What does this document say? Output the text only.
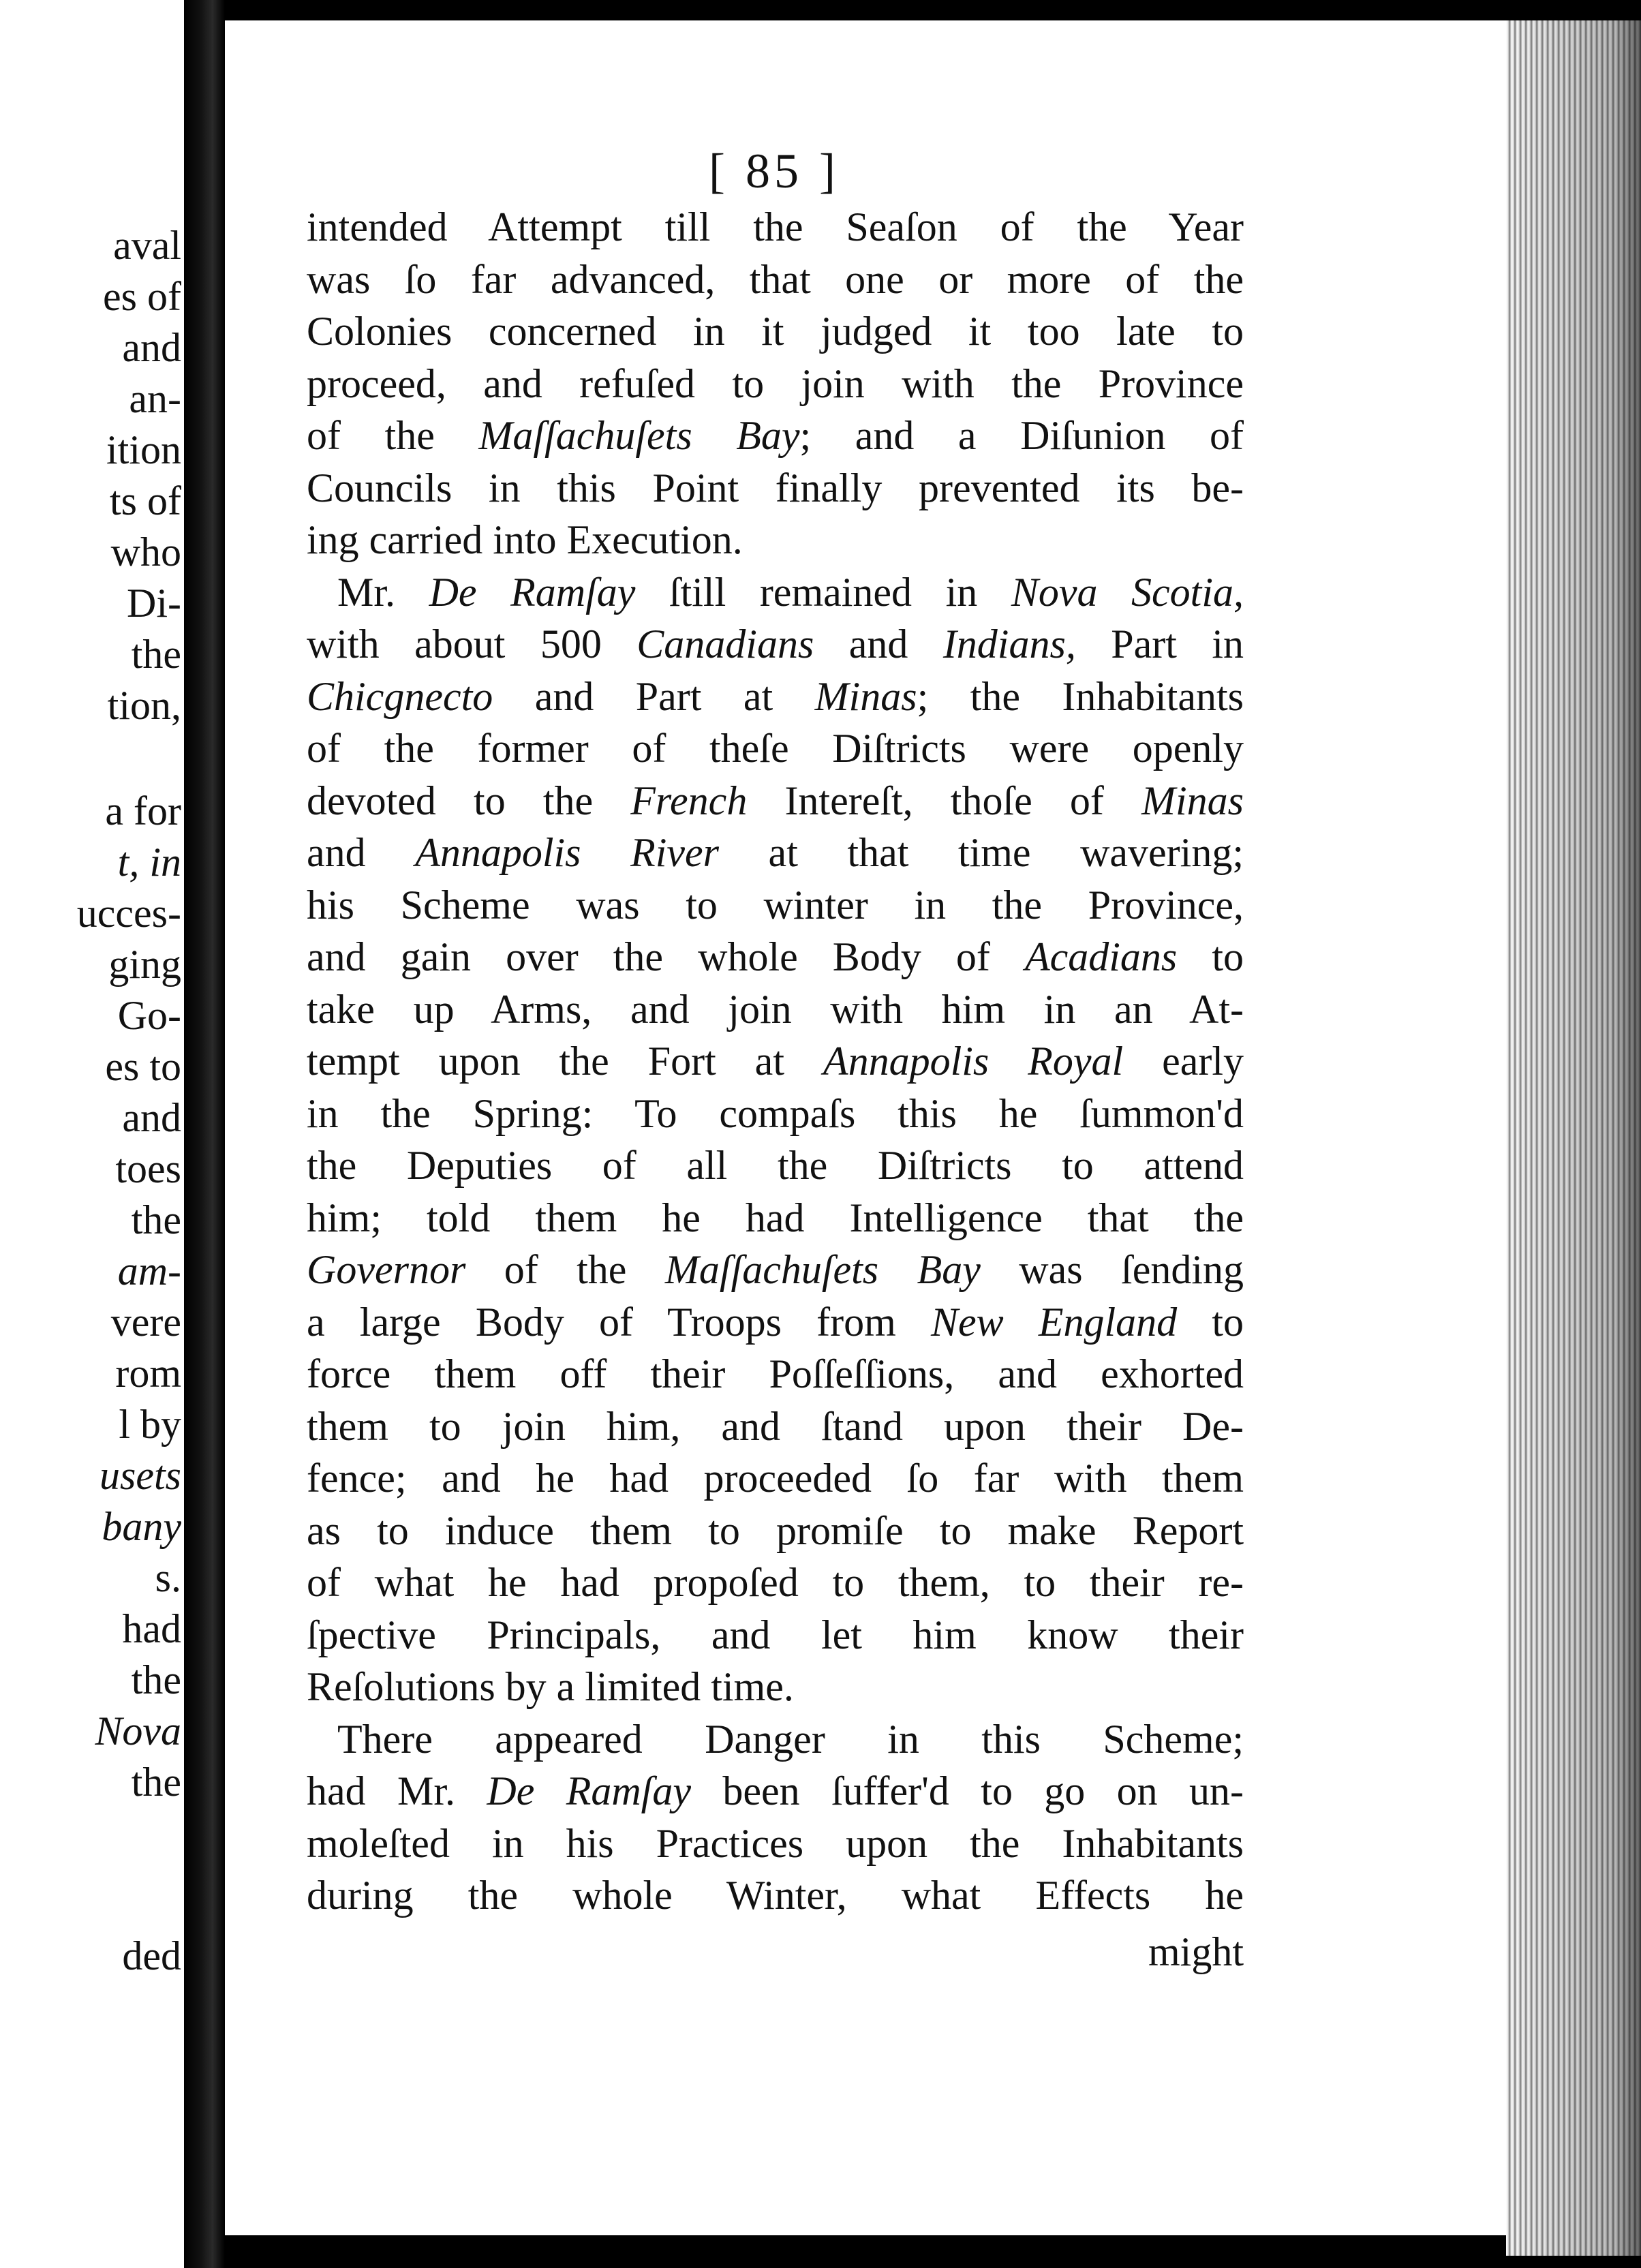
aval
es of
and
an-
ition
ts of
who
Di-
the
tion,
a for
t, in
ucces-
ging
Go-
es to
and
toes
the
am-
vere
rom
l by
usets
bany
s.
had
the
Nova
the
ded
[ 85 ]
intended Attempt till the Seaſon of the Year
was ſo far advanced, that one or more of the
Colonies concerned in it judged it too late to
proceed, and refuſed to join with the Province
of the Maſſachuſets Bay; and a Diſunion of
Councils in this Point finally prevented its be-
ing carried into Execution.
Mr. De Ramſay ſtill remained in Nova Scotia,
with about 500 Canadians and Indians, Part in
Chicgnecto and Part at Minas; the Inhabitants
of the former of theſe Diſtricts were openly
devoted to the French Intereſt, thoſe of Minas
and Annapolis River at that time wavering;
his Scheme was to winter in the Province,
and gain over the whole Body of Acadians to
take up Arms, and join with him in an At-
tempt upon the Fort at Annapolis Royal early
in the Spring: To compaſs this he ſummon'd
the Deputies of all the Diſtricts to attend
him; told them he had Intelligence that the
Governor of the Maſſachuſets Bay was ſending
a large Body of Troops from New England to
force them off their Poſſeſſions, and exhorted
them to join him, and ſtand upon their De-
fence; and he had proceeded ſo far with them
as to induce them to promiſe to make Report
of what he had propoſed to them, to their re-
ſpective Principals, and let him know their
Reſolutions by a limited time.
There appeared Danger in this Scheme;
had Mr. De Ramſay been ſuffer'd to go on un-
moleſted in his Practices upon the Inhabitants
during the whole Winter, what Effects he
might
